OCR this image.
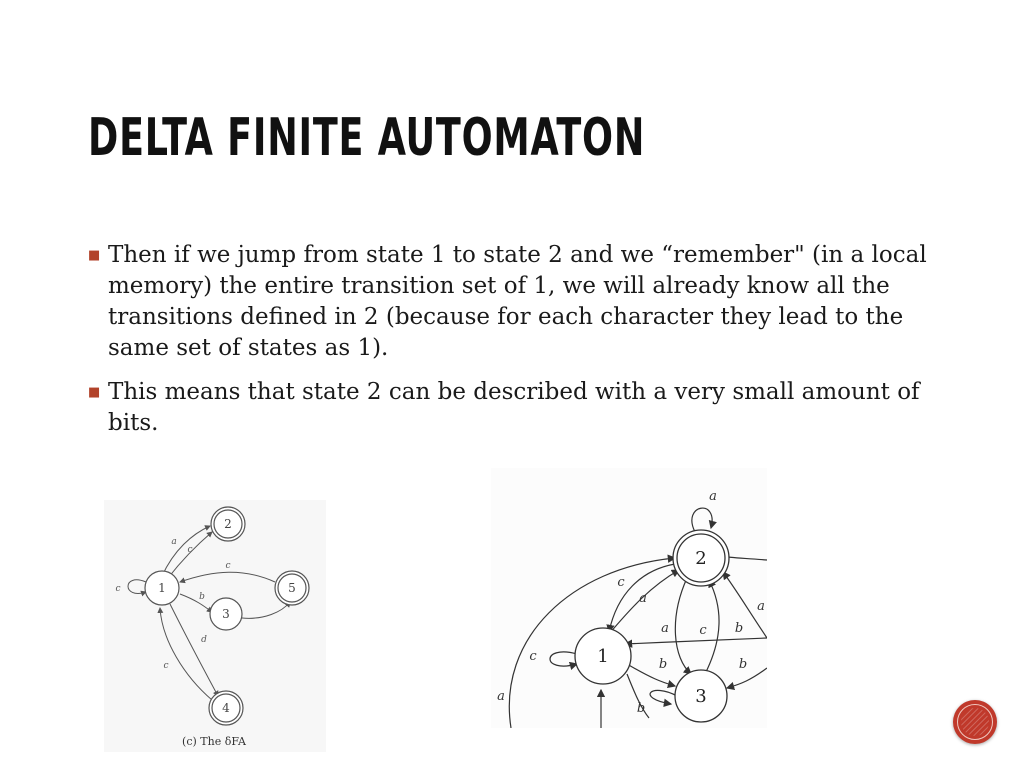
DELTA FINITE AUTOMATON
■ Then if we jump from state 1 to state 2 and we “remember" (in a local memory) the entire transition set of 1, we will already know all the transitions defined in 2 (because for each character they lead to the same set of states as 1).
■ This means that state 2 can be described with a very small amount of bits.
1
2
3
4
5
c
a
c
b
c
d
c
(c) The δFA
1
2
3
a
c
a
a
c b
a
b	b
c
b
a
